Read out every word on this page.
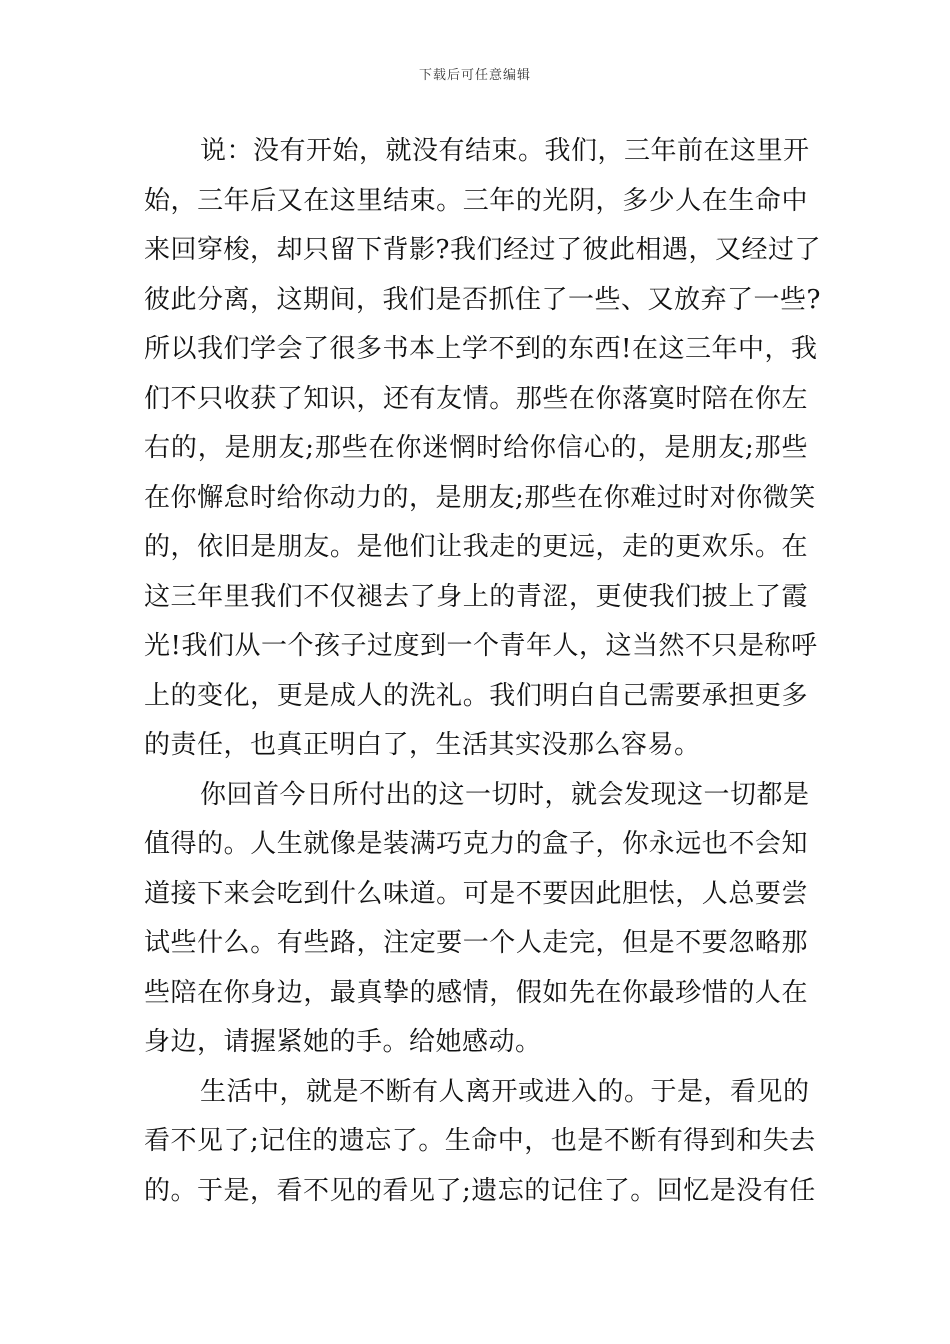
下载后可任意编辑
说：没有开始，就没有结束。我们，三年前在这里开
始，三年后又在这里结束。三年的光阴，多少人在生命中
来回穿梭，却只留下背影?我们经过了彼此相遇，又经过了
彼此分离，这期间，我们是否抓住了一些、又放弃了一些?
所以我们学会了很多书本上学不到的东西!在这三年中，我
们不只收获了知识，还有友情。那些在你落寞时陪在你左
右的，是朋友;那些在你迷惘时给你信心的，是朋友;那些
在你懈怠时给你动力的，是朋友;那些在你难过时对你微笑
的，依旧是朋友。是他们让我走的更远，走的更欢乐。在
这三年里我们不仅褪去了身上的青涩，更使我们披上了霞
光!我们从一个孩子过度到一个青年人，这当然不只是称呼
上的变化，更是成人的洗礼。我们明白自己需要承担更多
的责任，也真正明白了，生活其实没那么容易。
你回首今日所付出的这一切时，就会发现这一切都是
值得的。人生就像是装满巧克力的盒子，你永远也不会知
道接下来会吃到什么味道。可是不要因此胆怯，人总要尝
试些什么。有些路，注定要一个人走完，但是不要忽略那
些陪在你身边，最真挚的感情，假如先在你最珍惜的人在
身边，请握紧她的手。给她感动。
生活中，就是不断有人离开或进入的。于是，看见的
看不见了;记住的遗忘了。生命中，也是不断有得到和失去
的。于是，看不见的看见了;遗忘的记住了。回忆是没有任
